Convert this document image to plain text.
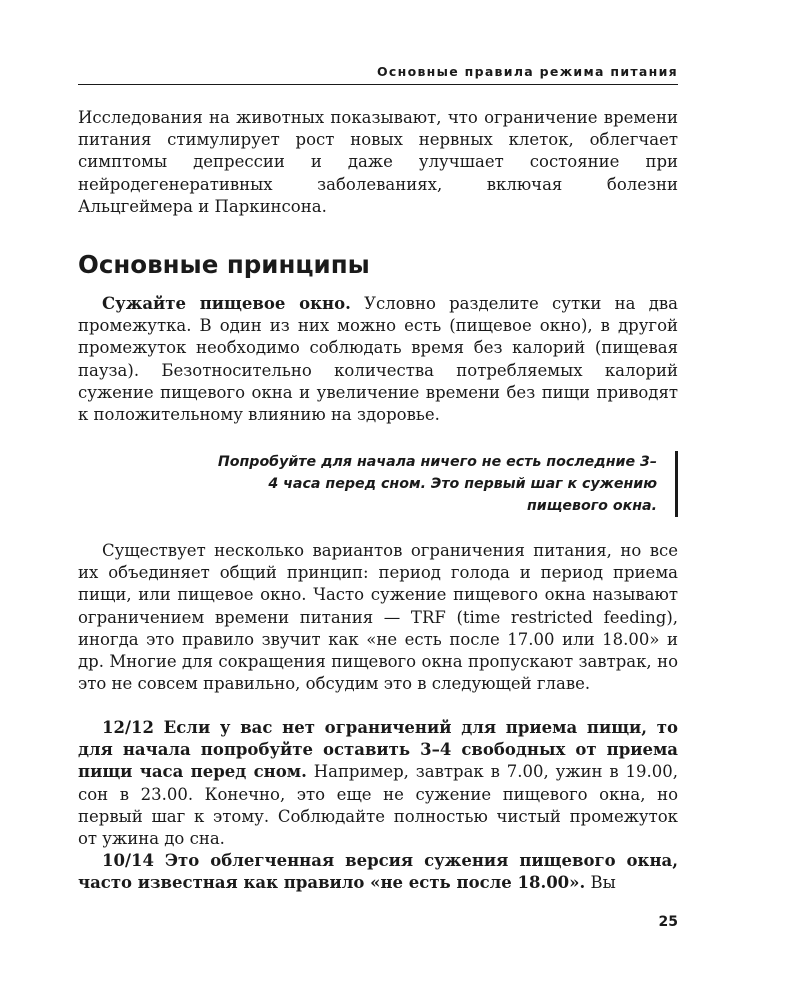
Основные правила режима питания

Исследования на животных показывают, что ограничение времени питания стимулирует рост новых нервных клеток, облегчает симптомы депрессии и даже улучшает состояние при нейродегенеративных заболеваниях, включая болезни Альцгеймера и Паркинсона.

Основные принципы

Сужайте пищевое окно. Условно разделите сутки на два промежутка. В один из них можно есть (пищевое окно), в другой промежуток необходимо соблюдать время без калорий (пищевая пауза). Безотносительно количества потребляемых калорий сужение пищевого окна и увеличение времени без пищи приводят к положительному влиянию на здоровье.

Попробуйте для начала ничего не есть последние 3–4 часа перед сном. Это первый шаг к сужению пищевого окна.

Существует несколько вариантов ограничения питания, но все их объединяет общий принцип: период голода и период приема пищи, или пищевое окно. Часто сужение пищевого окна называют ограничением времени питания — TRF (time restricted feeding), иногда это правило звучит как «не есть после 17.00 или 18.00» и др. Многие для сокращения пищевого окна пропускают завтрак, но это не совсем правильно, обсудим это в следующей главе.

12/12 Если у вас нет ограничений для приема пищи, то для начала попробуйте оставить 3–4 свободных от приема пищи часа перед сном. Например, завтрак в 7.00, ужин в 19.00, сон в 23.00. Конечно, это еще не сужение пищевого окна, но первый шаг к этому. Соблюдайте полностью чистый промежуток от ужина до сна.

10/14 Это облегченная версия сужения пищевого окна, часто известная как правило «не есть после 18.00». Вы

25
